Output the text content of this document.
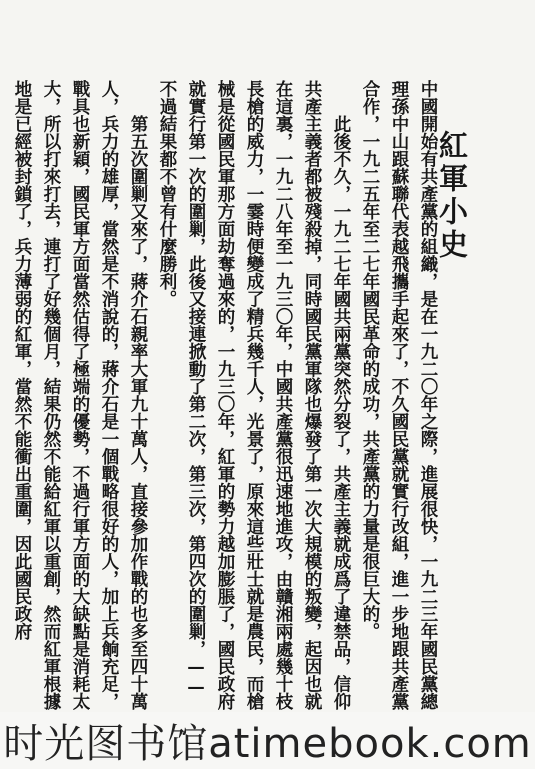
紅軍小史

中國開始有共產黨的組織，是在一九二〇年之際，進展很快，一九二三年國民黨總理孫中山跟蘇聯代表越飛攜手起來了，不久國民黨就實行改組，進一步地跟共產黨合作，一九二五年至二七年國民革命的成功，共產黨的力量是很巨大的。

此後不久，一九二七年國共兩黨突然分裂了，共產主義就成爲了違禁品，信仰共產主義者都被殘殺掉，同時國民黨軍隊也爆發了第一次大規模的叛變，起因也就在這裏，一九二八年至一九三〇年，中國共產黨很迅速地進攻，由贛湘兩處幾十枝長槍的威力，一霎時便變成了精兵幾千人，光景了，原來這些壯士就是農民，而槍械是從國民軍那方面劫奪過來的，一九三〇年，紅軍的勢力越加膨脹了，國民政府就實行第一次的圍剿，此後又接連掀動了第二次，第三次，第四次的圍剿，——不過結果都不曾有什麼勝利。

第五次圍剿又來了，蔣介石親率大軍九十萬人，直接參加作戰的也多至四十萬人，兵力的雄厚，當然是不消說的，蔣介石是一個戰略很好的人，加上兵餉充足，戰具也新穎，國民軍方面當然估得了極端的優勢，不過行軍方面的大缺點是消耗太大，所以打來打去，連打了好幾個月，結果仍然不能給紅軍以重創，然而紅軍根據地是已經被封鎖了，兵力薄弱的紅軍，當然不能衝出重圍，因此國民政府

时光图书馆atimebook.com
